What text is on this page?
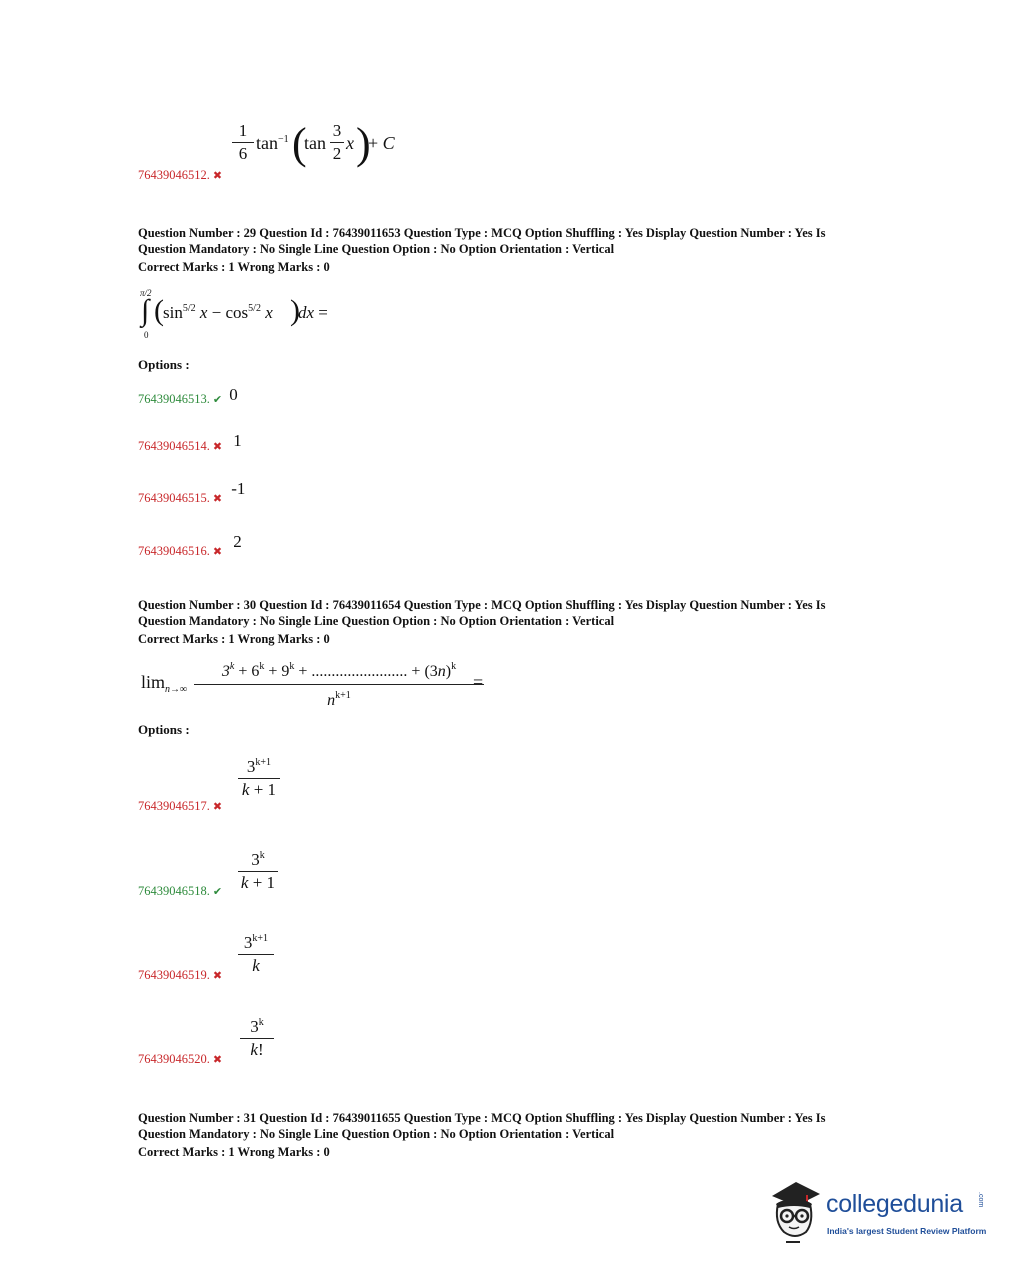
1
6
$\tan^{-1}$ (
tan
3
2
x )
+ C
76439046512. ✖
Question Number : 29 Question Id : 76439011653 Question Type : MCQ Option Shuffling : Yes Display Question Number : Yes Is
Question Mandatory : No Single Line Question Option : No Option Orientation : Vertical
Correct Marks : 1 Wrong Marks : 0
π/2
∫
0
( $\sin^{5/2} x - \cos^{5/2} x$ )
dx =
Options :
76439046513. ✔ 0
76439046514. ✖ 1
76439046515. ✖ -1
76439046516. ✖ 2
Question Number : 30 Question Id : 76439011654 Question Type : MCQ Option Shuffling : Yes Display Question Number : Yes Is
Question Mandatory : No Single Line Question Option : No Option Orientation : Vertical
Correct Marks : 1 Wrong Marks : 0
$\lim_{n\to\infty}$
$3^k + 6^k + 9^k$ + ........................ + $(3n)^k$
$n^{k+1}$
=
Options :
76439046517. ✖
$3^{k+1}$
k + 1
76439046518. ✔
3$^k$
k + 1
76439046519. ✖
$3^{k+1}$
k
76439046520. ✖
3$^k$
k!
Question Number : 31 Question Id : 76439011655 Question Type : MCQ Option Shuffling : Yes Display Question Number : Yes Is
Question Mandatory : No Single Line Question Option : No Option Orientation : Vertical
Correct Marks : 1 Wrong Marks : 0
collegedunia .com
India's largest Student Review Platform
